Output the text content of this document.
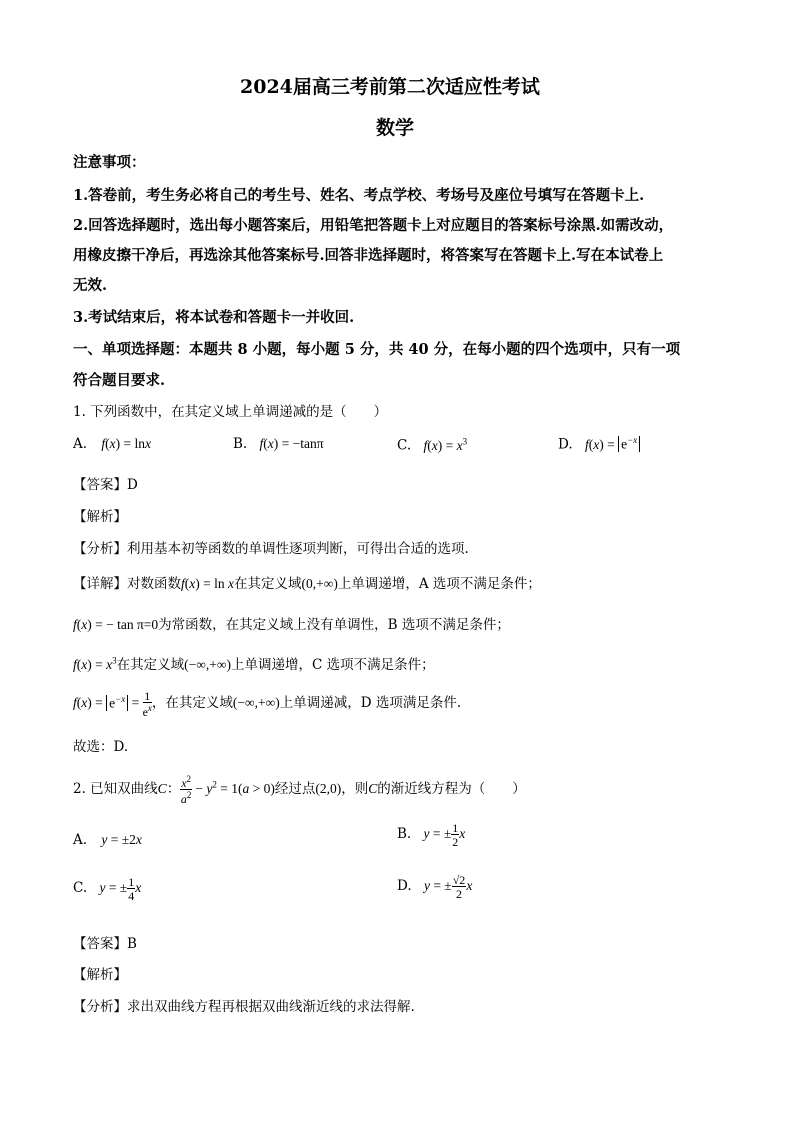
2024届高三考前第二次适应性考试
数学
注意事项：
1.答卷前，考生务必将自己的考生号、姓名、考点学校、考场号及座位号填写在答题卡上.
2.回答选择题时，选出每小题答案后，用铅笔把答题卡上对应题目的答案标号涂黑.如需改动，
用橡皮擦干净后，再选涂其他答案标号.回答非选择题时，将答案写在答题卡上.写在本试卷上
无效.
3.考试结束后，将本试卷和答题卡一并收回.
一、单项选择题：本题共 8 小题，每小题 5 分，共 40 分，在每小题的四个选项中，只有一项
符合题目要求.
1. 下列函数中，在其定义域上单调递减的是（　　）
A. f(x) = lnx	B. f(x) = −tanπ	C. $f(x) = x^3$	D. $f(x) = e^{-x}$
【答案】D
【解析】
【分析】利用基本初等函数的单调性逐项判断，可得出合适的选项.
【详解】对数函数f(x) = ln x在其定义域(0,+∞)上单调递增，A 选项不满足条件；
f(x) = − tan π=0为常函数，在其定义域上没有单调性，B 选项不满足条件；
$f(x) = x^3$在其定义域(−∞,+∞)上单调递增，C 选项不满足条件；
$f(x) = e^{-x} = \frac{1}{e^x}$ ，在其定义域(−∞,+∞)上单调递减，D 选项满足条件.
故选：D.
2. 已知双曲线C： $\frac{x^2}{a^2} - y^2 = 1(a > 0)$经过点(2,0)，则C的渐近线方程为（　　）
A. y = ±2x	B. y = ± $\frac{1}{2}$ x
C. y = ± $\frac{1}{4}$ x	D. y = ± $\frac{√2}{2}$ x
【答案】B
【解析】
【分析】求出双曲线方程再根据双曲线渐近线的求法得解.
